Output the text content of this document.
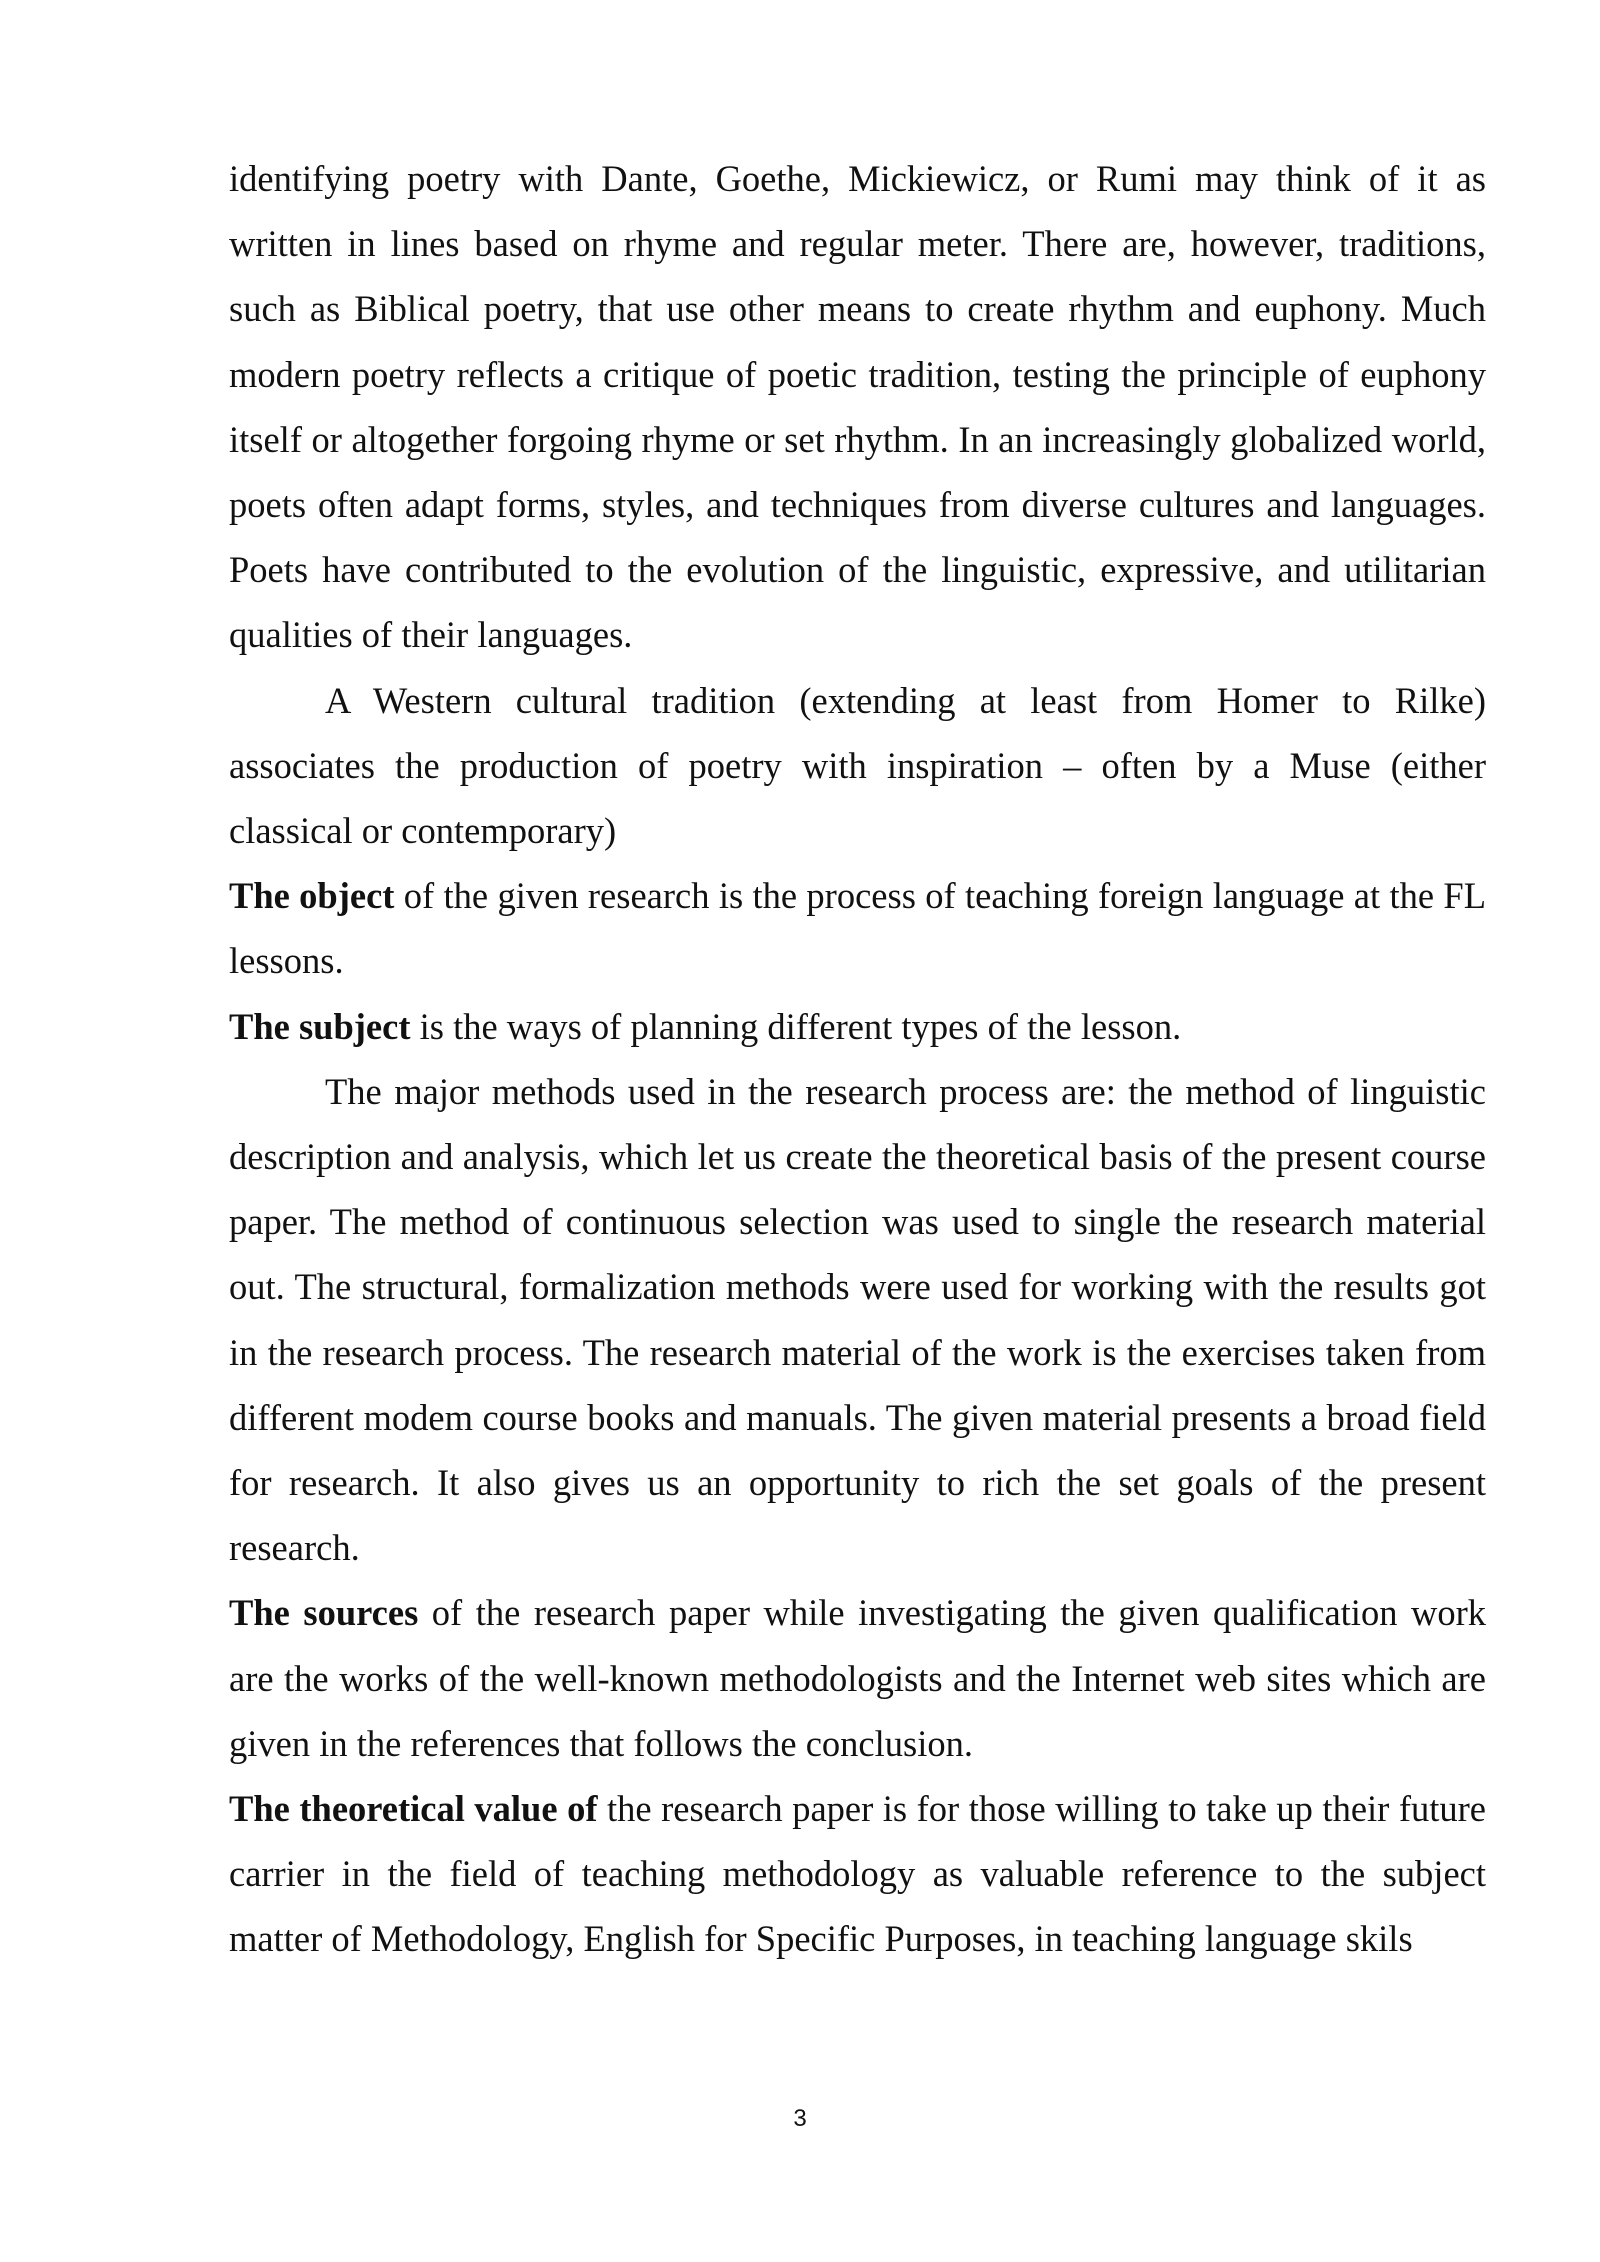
identifying poetry with Dante, Goethe, Mickiewicz, or Rumi may think of it as written in lines based on rhyme and regular meter. There are, however, traditions, such as Biblical poetry, that use other means to create rhythm and euphony. Much modern poetry reflects a critique of poetic tradition, testing the principle of euphony itself or altogether forgoing rhyme or set rhythm. In an increasingly globalized world, poets often adapt forms, styles, and techniques from diverse cultures and languages. Poets have contributed to the evolution of the linguistic, expressive, and utilitarian qualities of their languages.

A Western cultural tradition (extending at least from Homer to Rilke) associates the production of poetry with inspiration – often by a Muse (either classical or contemporary)

The object of the given research is the process of teaching foreign language at the FL lessons.

The subject is the ways of planning different types of the lesson.

The major methods used in the research process are: the method of linguistic description and analysis, which let us create the theoretical basis of the present course paper. The method of continuous selection was used to single the research material out. The structural, formalization methods were used for working with the results got in the research process. The research material of the work is the exercises taken from different modem course books and manuals. The given material presents a broad field for research. It also gives us an opportunity to rich the set goals of the present research.

The sources of the research paper while investigating the given qualification work are the works of the well-known methodologists and the Internet web sites which are given in the references that follows the conclusion.

The theoretical value of the research paper is for those willing to take up their future carrier in the field of teaching methodology as valuable reference to the subject matter of Methodology, English for Specific Purposes, in teaching language skils

3
